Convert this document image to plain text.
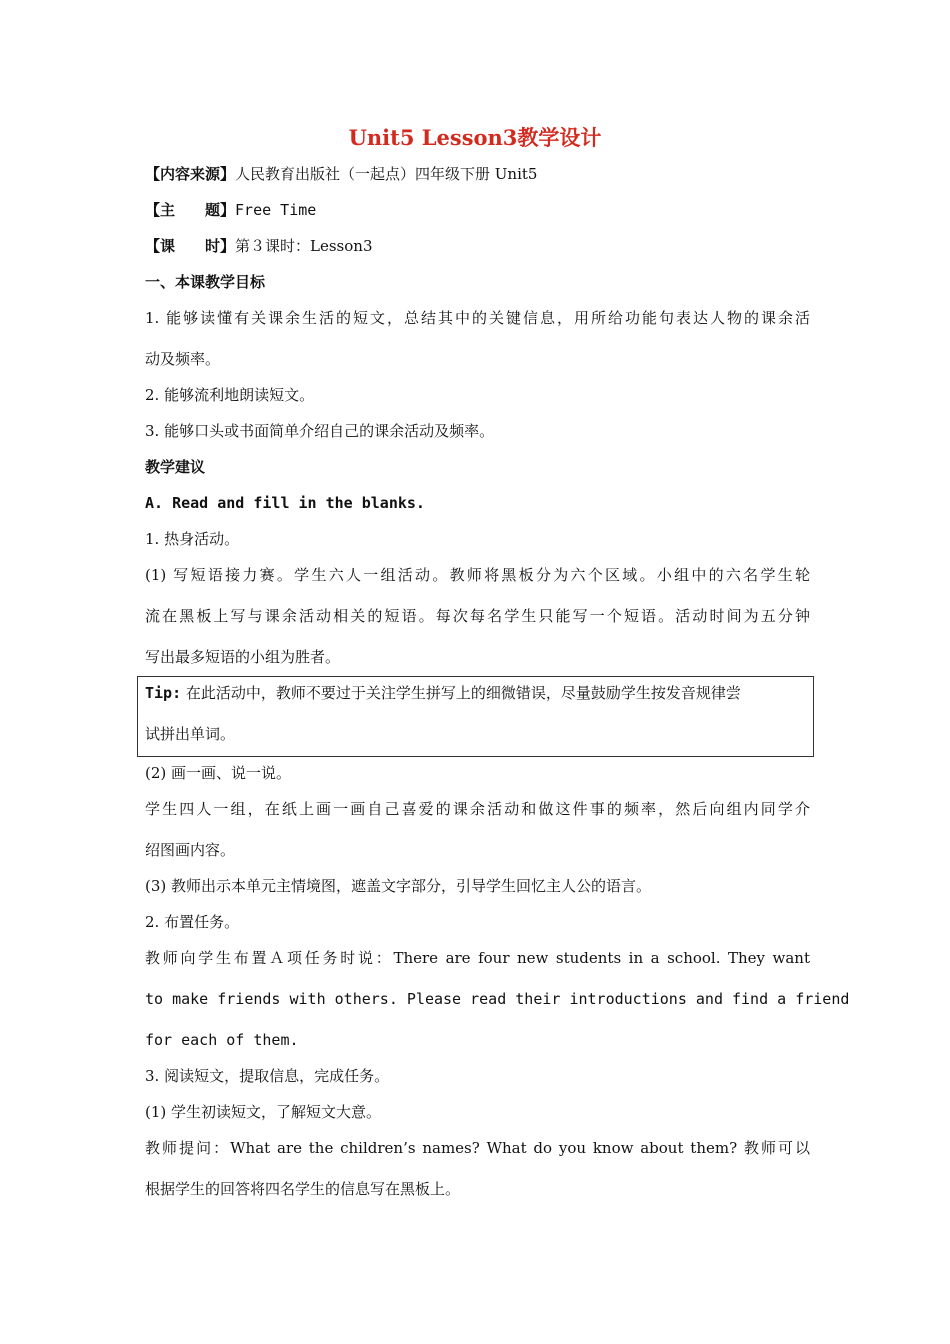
Unit5 Lesson3教学设计
【内容来源】人民教育出版社（一起点）四年级下册 Unit5
【主　　题】Free Time
【课　　时】第３课时：Lesson3
一、本课教学目标
1. 能够读懂有关课余生活的短文，总结其中的关键信息，用所给功能句表达人物的课余活
动及频率。
2. 能够流利地朗读短文。
3. 能够口头或书面简单介绍自己的课余活动及频率。
教学建议
A. Read and fill in the blanks.
1. 热身活动。
(1) 写短语接力赛。学生六人一组活动。教师将黑板分为六个区域。小组中的六名学生轮
流在黑板上写与课余活动相关的短语。每次每名学生只能写一个短语。活动时间为五分钟
写出最多短语的小组为胜者。
Tip: 在此活动中，教师不要过于关注学生拼写上的细微错误，尽量鼓励学生按发音规律尝
试拼出单词。
(2) 画一画、说一说。
学生四人一组，在纸上画一画自己喜爱的课余活动和做这件事的频率，然后向组内同学介
绍图画内容。
(3) 教师出示本单元主情境图，遮盖文字部分，引导学生回忆主人公的语言。
2. 布置任务。
教师向学生布置Ａ项任务时说：There are four new students in a school. They want
to make friends with others. Please read their introductions and find a friend
for each of them.
3. 阅读短文，提取信息，完成任务。
(1) 学生初读短文，了解短文大意。
教师提问：What are the children’s names? What do you know about them? 教师可以
根据学生的回答将四名学生的信息写在黑板上。
